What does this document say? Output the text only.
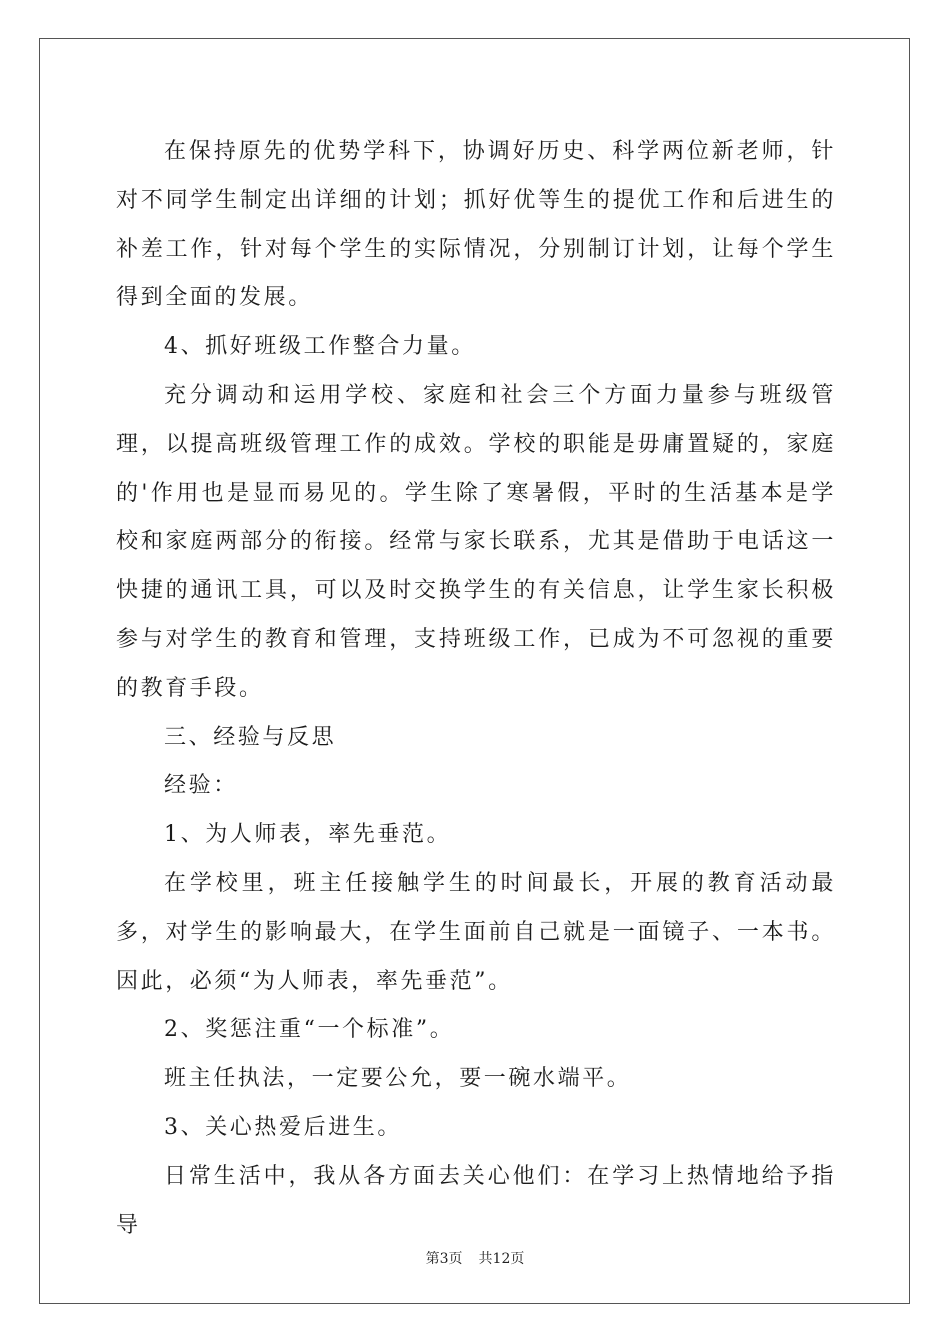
在保持原先的优势学科下，协调好历史、科学两位新老师，针对不同学生制定出详细的计划；抓好优等生的提优工作和后进生的补差工作，针对每个学生的实际情况，分别制订计划，让每个学生得到全面的发展。

4、抓好班级工作整合力量。

充分调动和运用学校、家庭和社会三个方面力量参与班级管理，以提高班级管理工作的成效。学校的职能是毋庸置疑的，家庭的'作用也是显而易见的。学生除了寒暑假，平时的生活基本是学校和家庭两部分的衔接。经常与家长联系，尤其是借助于电话这一快捷的通讯工具，可以及时交换学生的有关信息，让学生家长积极参与对学生的教育和管理，支持班级工作，已成为不可忽视的重要的教育手段。

三、经验与反思

经验：

1、为人师表，率先垂范。

在学校里，班主任接触学生的时间最长，开展的教育活动最多，对学生的影响最大，在学生面前自己就是一面镜子、一本书。因此，必须“为人师表，率先垂范”。

2、奖惩注重“一个标准”。

班主任执法，一定要公允，要一碗水端平。

3、关心热爱后进生。

日常生活中，我从各方面去关心他们：在学习上热情地给予指导

第3页 共12页
